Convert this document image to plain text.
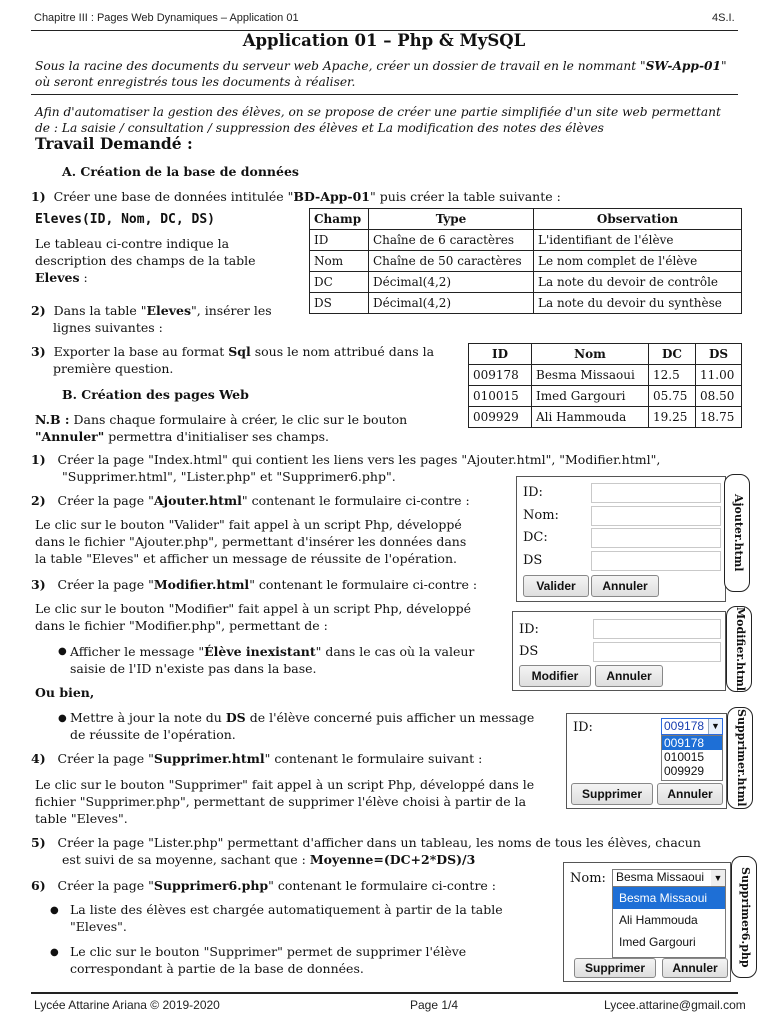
Chapitre III : Pages Web Dynamiques – Application 01	4S.I.
Application 01 – Php & MySQL
Sous la racine des documents du serveur web Apache, créer un dossier de travail en le nommant "SW-App-01"
où seront enregistrés tous les documents à réaliser.
Afin d'automatiser la gestion des élèves, on se propose de créer une partie simplifiée d'un site web permettant
de : La saisie / consultation / suppression des élèves et La modification des notes des élèves
Travail Demandé :
A. Création de la base de données
1) Créer une base de données intitulée "BD-App-01" puis créer la table suivante :
Eleves(ID, Nom, DC, DS)
Le tableau ci-contre indique la
description des champs de la table
Eleves :
Champ	Type	Observation
ID	Chaîne de 6 caractères	L'identifiant de l'élève
Nom	Chaîne de 50 caractères	Le nom complet de l'élève
DC	Décimal(4,2)	La note du devoir de contrôle
DS	Décimal(4,2)	La note du devoir du synthèse
2) Dans la table "Eleves", insérer les
lignes suivantes :
3) Exporter la base au format Sql sous le nom attribué dans la
première question.
ID	Nom	DC	DS
009178	Besma Missaoui	12.5	11.00
010015	Imed Gargouri	05.75	08.50
009929	Ali Hammouda	19.25	18.75
B. Création des pages Web
N.B : Dans chaque formulaire à créer, le clic sur le bouton
"Annuler" permettra d'initialiser ses champs.
1) Créer la page "Index.html" qui contient les liens vers les pages "Ajouter.html", "Modifier.html",
"Supprimer.html", "Lister.php" et "Supprimer6.php".
2) Créer la page "Ajouter.html" contenant le formulaire ci-contre :
Le clic sur le bouton "Valider" fait appel à un script Php, développé
dans le fichier "Ajouter.php", permettant d'insérer les données dans
la table "Eleves" et afficher un message de réussite de l'opération.
3) Créer la page "Modifier.html" contenant le formulaire ci-contre :
Le clic sur le bouton "Modifier" fait appel à un script Php, développé
dans le fichier "Modifier.php", permettant de :
● Afficher le message "Élève inexistant" dans le cas où la valeur
saisie de l'ID n'existe pas dans la base.
Ou bien,
● Mettre à jour la note du DS de l'élève concerné puis afficher un message
de réussite de l'opération.
4) Créer la page "Supprimer.html" contenant le formulaire suivant :
Le clic sur le bouton "Supprimer" fait appel à un script Php, développé dans le
fichier "Supprimer.php", permettant de supprimer l'élève choisi à partir de la
table "Eleves".
5) Créer la page "Lister.php" permettant d'afficher dans un tableau, les noms de tous les élèves, chacun
est suivi de sa moyenne, sachant que : Moyenne=(DC+2*DS)/3
6) Créer la page "Supprimer6.php" contenant le formulaire ci-contre :
● La liste des élèves est chargée automatiquement à partir de la table
"Eleves".
● Le clic sur le bouton "Supprimer" permet de supprimer l'élève
correspondant à partie de la base de données.
ID:
Nom:
DC:
DS
Valider	Annuler
Ajouter.html
ID:
DS
Modifier	Annuler	Modifier.html
ID:	009178 ▼
009178
010015
009929
Supprimer	Annuler	Supprimer.html
Nom: Besma Missaoui ▼
Besma Missaoui
Ali Hammouda
Imed Gargouri
Supprimer	Annuler
Supprimer6.php
Lycée Attarine Ariana © 2019-2020	Page 1/4	Lycee.attarine@gmail.com
